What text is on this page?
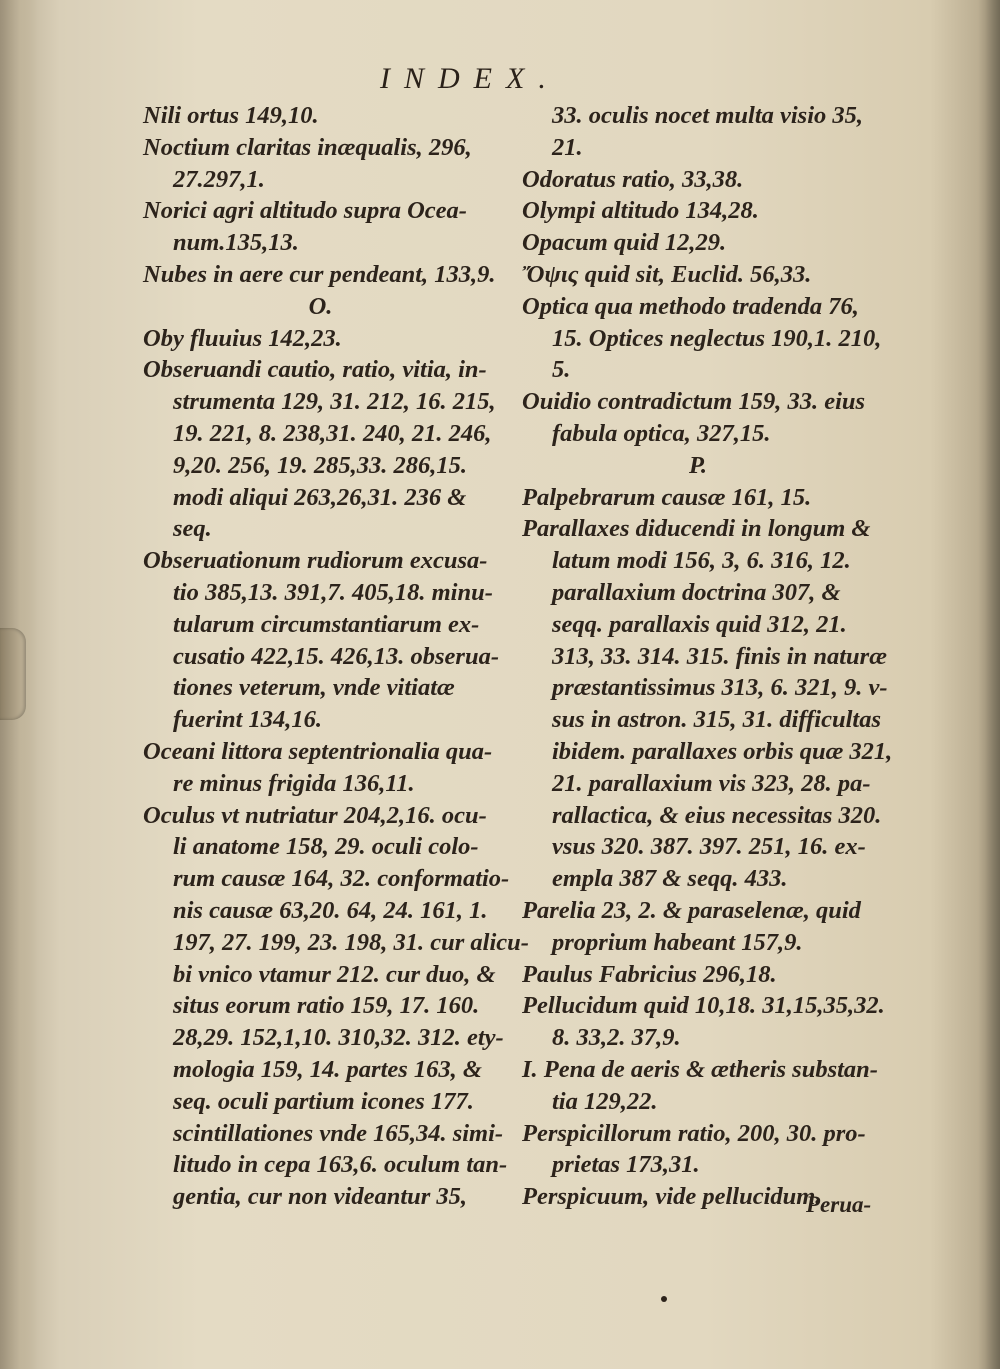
INDEX.
Nili ortus 149,10.
Noctium claritas inæqualis, 296,
27.297,1.
Norici agri altitudo supra Ocea-
num.135,13.
Nubes in aere cur pendeant, 133,9.
O.
Oby fluuius 142,23.
Obseruandi cautio, ratio, vitia, in-
strumenta 129, 31. 212, 16. 215,
19. 221, 8. 238,31. 240, 21. 246,
9,20. 256, 19. 285,33. 286,15.
modi aliqui 263,26,31. 236 &
seq.
Obseruationum rudiorum excusa-
tio 385,13. 391,7. 405,18. minu-
tularum circumstantiarum ex-
cusatio 422,15. 426,13. obserua-
tiones veterum, vnde vitiatæ
fuerint 134,16.
Oceani littora septentrionalia qua-
re minus frigida 136,11.
Oculus vt nutriatur 204,2,16. ocu-
li anatome 158, 29. oculi colo-
rum causæ 164, 32. conformatio-
nis causæ 63,20. 64, 24. 161, 1.
197, 27. 199, 23. 198, 31. cur alicu-
bi vnico vtamur 212. cur duo, &
situs eorum ratio 159, 17. 160.
28,29. 152,1,10. 310,32. 312. ety-
mologia 159, 14. partes 163, &
seq. oculi partium icones 177.
scintillationes vnde 165,34. simi-
litudo in cepa 163,6. oculum tan-
gentia, cur non videantur 35,
33. oculis nocet multa visio 35,
21.
Odoratus ratio, 33,38.
Olympi altitudo 134,28.
Opacum quid 12,29.
Ὄψις quid sit, Euclid. 56,33.
Optica qua methodo tradenda 76,
15. Optices neglectus 190,1. 210,
5.
Ouidio contradictum 159, 33. eius
fabula optica, 327,15.
P.
Palpebrarum causæ 161, 15.
Parallaxes diducendi in longum &
latum modi 156, 3, 6. 316, 12.
parallaxium doctrina 307, &
seqq. parallaxis quid 312, 21.
313, 33. 314. 315. finis in naturæ
præstantissimus 313, 6. 321, 9. v-
sus in astron. 315, 31. difficultas
ibidem. parallaxes orbis quæ 321,
21. parallaxium vis 323, 28. pa-
rallactica, & eius necessitas 320.
vsus 320. 387. 397. 251, 16. ex-
empla 387 & seqq. 433.
Parelia 23, 2. & paraselenæ, quid
proprium habeant 157,9.
Paulus Fabricius 296,18.
Pellucidum quid 10,18. 31,15,35,32.
8. 33,2. 37,9.
I. Pena de aeris & ætheris substan-
tia 129,22.
Perspicillorum ratio, 200, 30. pro-
prietas 173,31.
Perspicuum, vide pellucidum.
Perua-
